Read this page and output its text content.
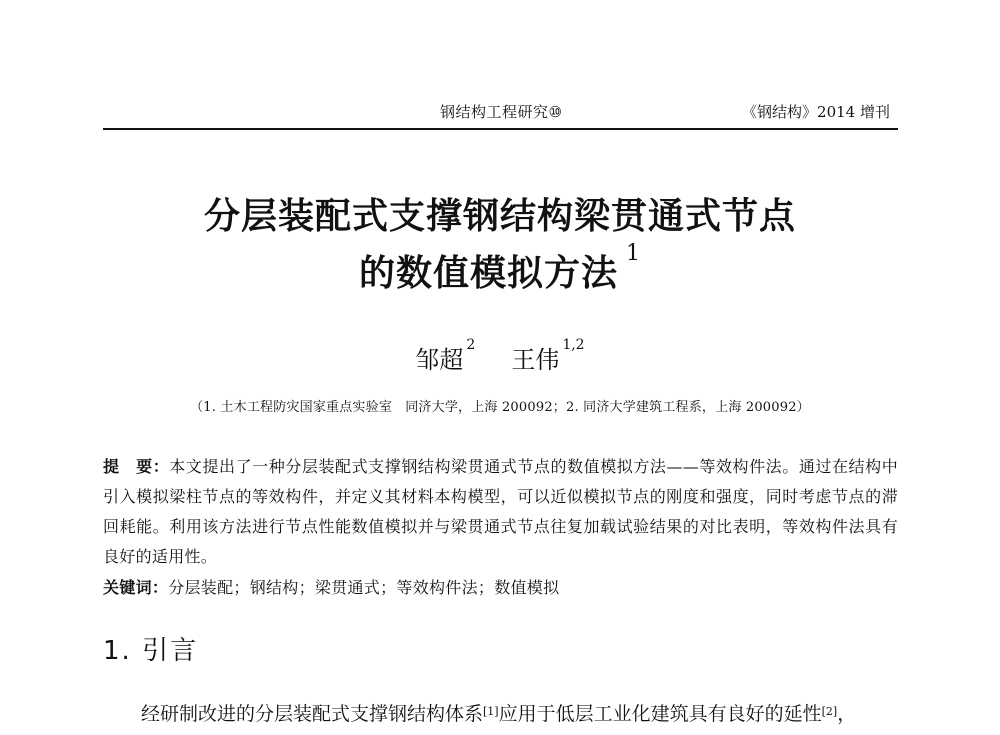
钢结构工程研究⑩	《钢结构》2014 增刊
分层装配式支撑钢结构梁贯通式节点
的数值模拟方法 $^1$
邹超$^2$王伟$^{1,2}$
（1. 土木工程防灾国家重点实验室　同济大学，上海 200092；2. 同济大学建筑工程系，上海 200092）
提　要：本文提出了一种分层装配式支撑钢结构梁贯通式节点的数值模拟方法——等效构件法。通过在结构中引入模拟梁柱节点的等效构件，并定义其材料本构模型，可以近似模拟节点的刚度和强度，同时考虑节点的滞回耗能。利用该方法进行节点性能数值模拟并与梁贯通式节点往复加载试验结果的对比表明，等效构件法具有良好的适用性。
关键词：分层装配；钢结构；梁贯通式；等效构件法；数值模拟
1. 引言
经研制改进的分层装配式支撑钢结构体系[1]应用于低层工业化建筑具有良好的延性[2]，
